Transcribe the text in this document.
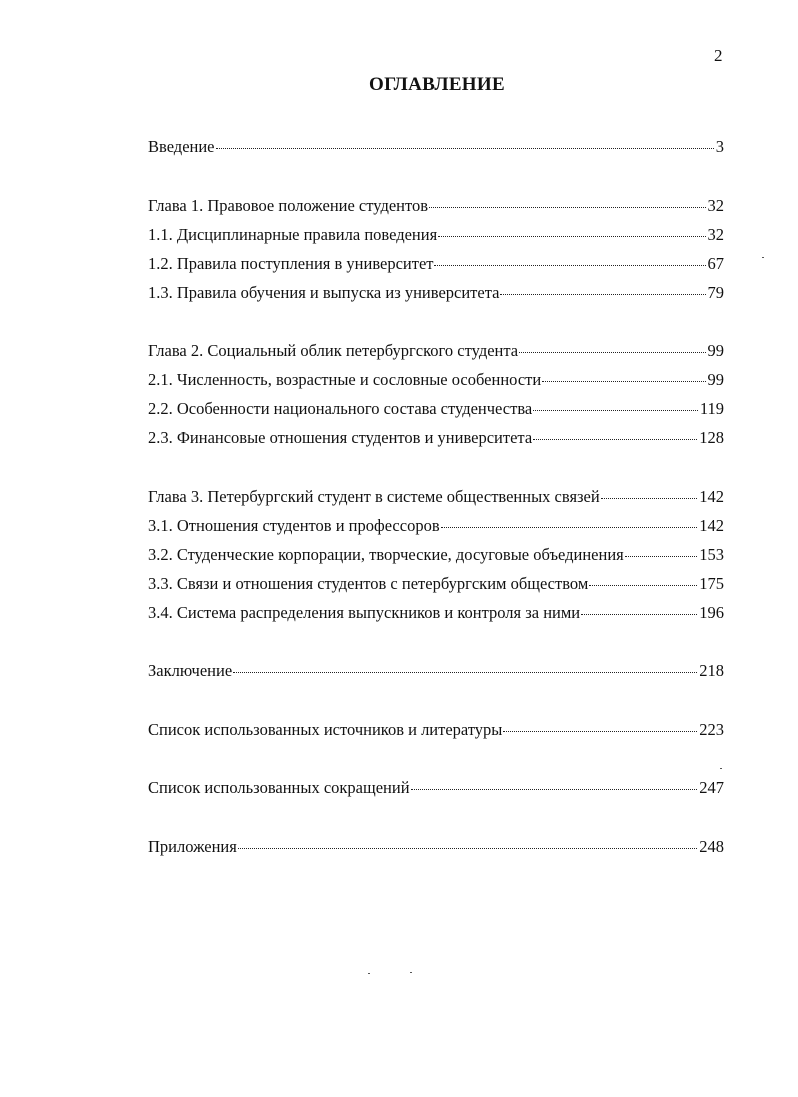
2
ОГЛАВЛЕНИЕ
Введение	3
Глава 1. Правовое положение студентов	32
1.1. Дисциплинарные правила поведения	32
1.2. Правила поступления в университет	67
1.3. Правила обучения и выпуска из университета	79
Глава 2. Социальный облик петербургского студента	99
2.1. Численность, возрастные и сословные особенности	99
2.2. Особенности национального состава студенчества	119
2.3. Финансовые отношения студентов и университета	128
Глава 3. Петербургский студент в системе общественных связей	142
3.1. Отношения студентов и профессоров	142
3.2. Студенческие корпорации, творческие, досуговые объединения	153
3.3. Связи и отношения студентов с петербургским обществом	175
3.4. Система распределения выпускников и контроля за ними	196
Заключение	218
Список использованных источников и литературы	223
Список использованных сокращений	247
Приложения	248
